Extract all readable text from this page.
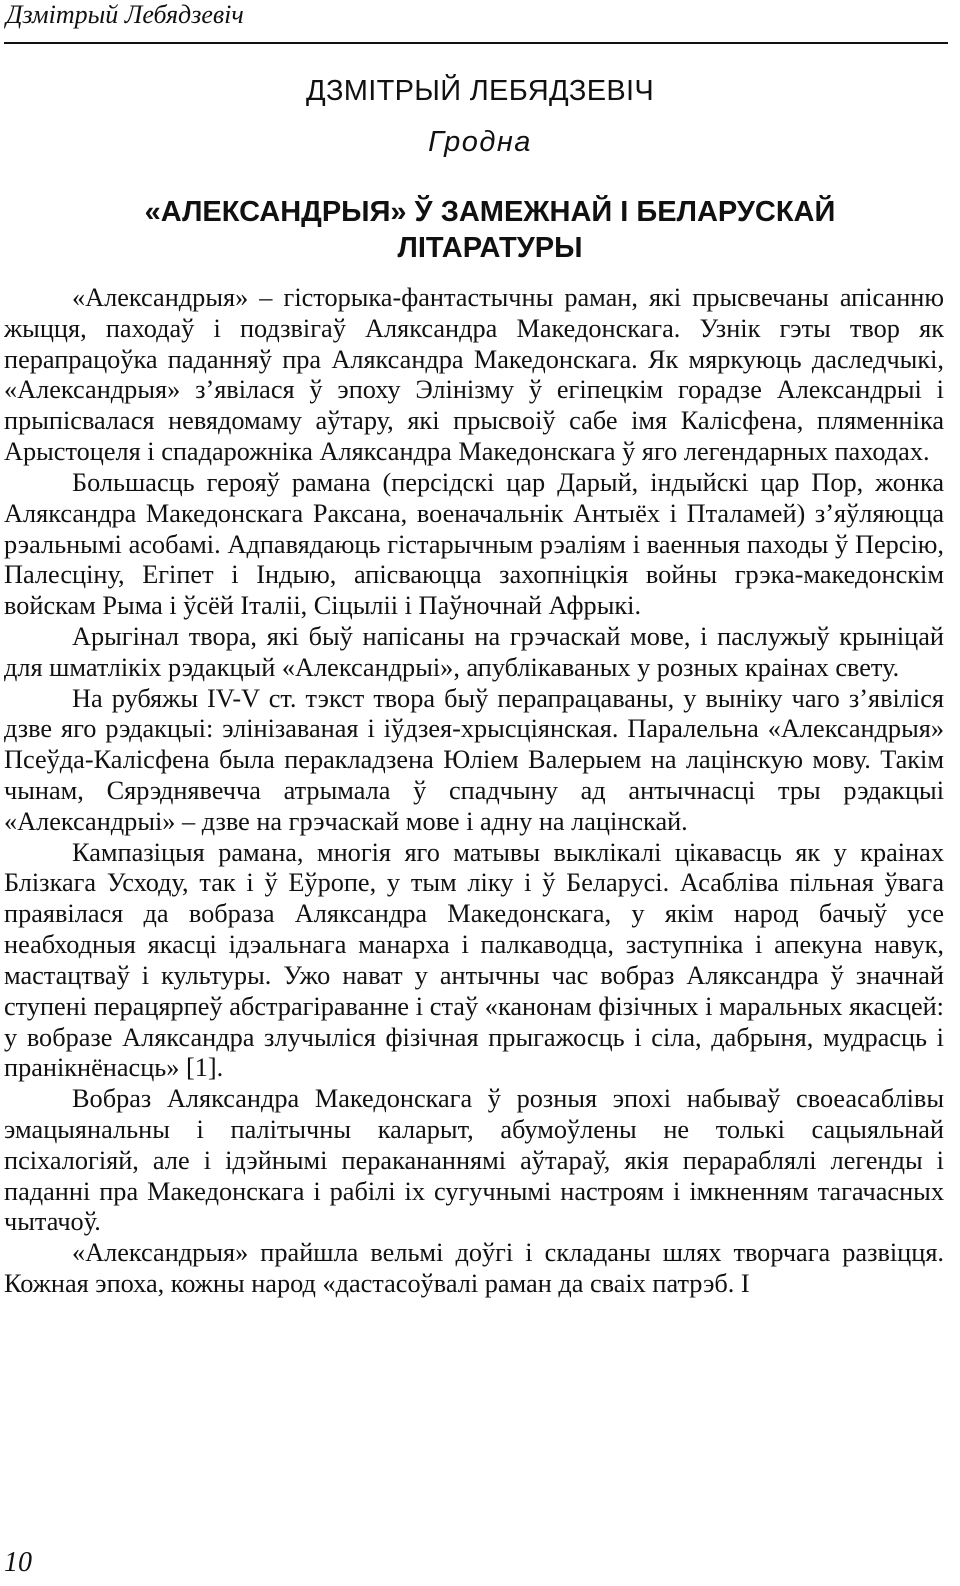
Дзмітрый Лебядзевіч
ДЗМІТРЫЙ ЛЕБЯДЗЕВІЧ
Гродна
«АЛЕКСАНДРЫЯ» Ў ЗАМЕЖНАЙ І БЕЛАРУСКАЙ ЛІТАРАТУРЫ

«Александрыя» – гісторыка-фантастычны раман, які прысвечаны апісанню жыцця, паходаў і подзвігаў Аляксандра Македонскага. Узнік гэты твор як перапрацоўка паданняў пра Аляксандра Македонскага. Як мяркуюць даследчыкі, «Александрыя» з’явілася ў эпоху Элінізму ў егіпецкім горадзе Александрыі і прыпісвалася невядомаму аўтару, які прысвоіў сабе імя Калісфена, пляменніка Арыстоцеля і спадарожніка Аляксандра Македонскага ў яго легендарных паходах.

Большасць герояў рамана (персідскі цар Дарый, індыйскі цар Пор, жонка Аляксандра Македонскага Раксана, военачальнік Антыёх і Пталамей) з’яўляюцца рэальнымі асобамі. Адпавядаюць гістарычным рэаліям і ваенныя паходы ў Персію, Палесціну, Егіпет і Індыю, апісваюцца захопніцкія войны грэка-македонскім войскам Рыма і ўсёй Італіі, Сіцыліі і Паўночнай Афрыкі.

Арыгінал твора, які быў напісаны на грэчаскай мове, і паслужыў крыніцай для шматлікіх рэдакцый «Александрыі», апублікаваных у розных краінах свету.

На рубяжы IV-V ст. тэкст твора быў перапрацаваны, у выніку чаго з’явіліся дзве яго рэдакцыі: элінізаваная і іўдзея-хрысціянская. Паралельна «Александрыя» Псеўда-Калісфена была перакладзена Юліем Валерыем на лацінскую мову. Такім чынам, Сярэднявечча атрымала ў спадчыну ад антычнасці тры рэдакцыі «Александрыі» – дзве на грэчаскай мове і адну на лацінскай.

Кампазіцыя рамана, многія яго матывы выклікалі цікавасць як у краінах Блізкага Усходу, так і ў Еўропе, у тым ліку і ў Беларусі. Асабліва пільная ўвага праявілася да вобраза Аляксандра Македонскага, у якім народ бачыў усе неабходныя якасці ідэальнага манарха і палкаводца, заступніка і апекуна навук, мастацтваў і культуры. Ужо нават у антычны час вобраз Аляксандра ў значнай ступені перацярпеў абстрагіраванне і стаў «канонам фізічных і маральных якасцей: у вобразе Аляксандра злучыліся фізічная прыгажосць і сіла, дабрыня, мудрасць і пранікнёнасць» [1].

Вобраз Аляксандра Македонскага ў розныя эпохі набываў своеасаблівы эмацыянальны і палітычны каларыт, абумоўлены не толькі сацыяльнай псіхалогіяй, але і ідэйнымі перакананнямі аўтараў, якія перараблялі легенды і паданні пра Македонскага і рабілі іх сугучнымі настроям і імкненням тагачасных чытачоў.

«Александрыя» прайшла вельмі доўгі і складаны шлях творчага развіцця. Кожная эпоха, кожны народ «дастасоўвалі раман да сваіх патрэб. І

10
